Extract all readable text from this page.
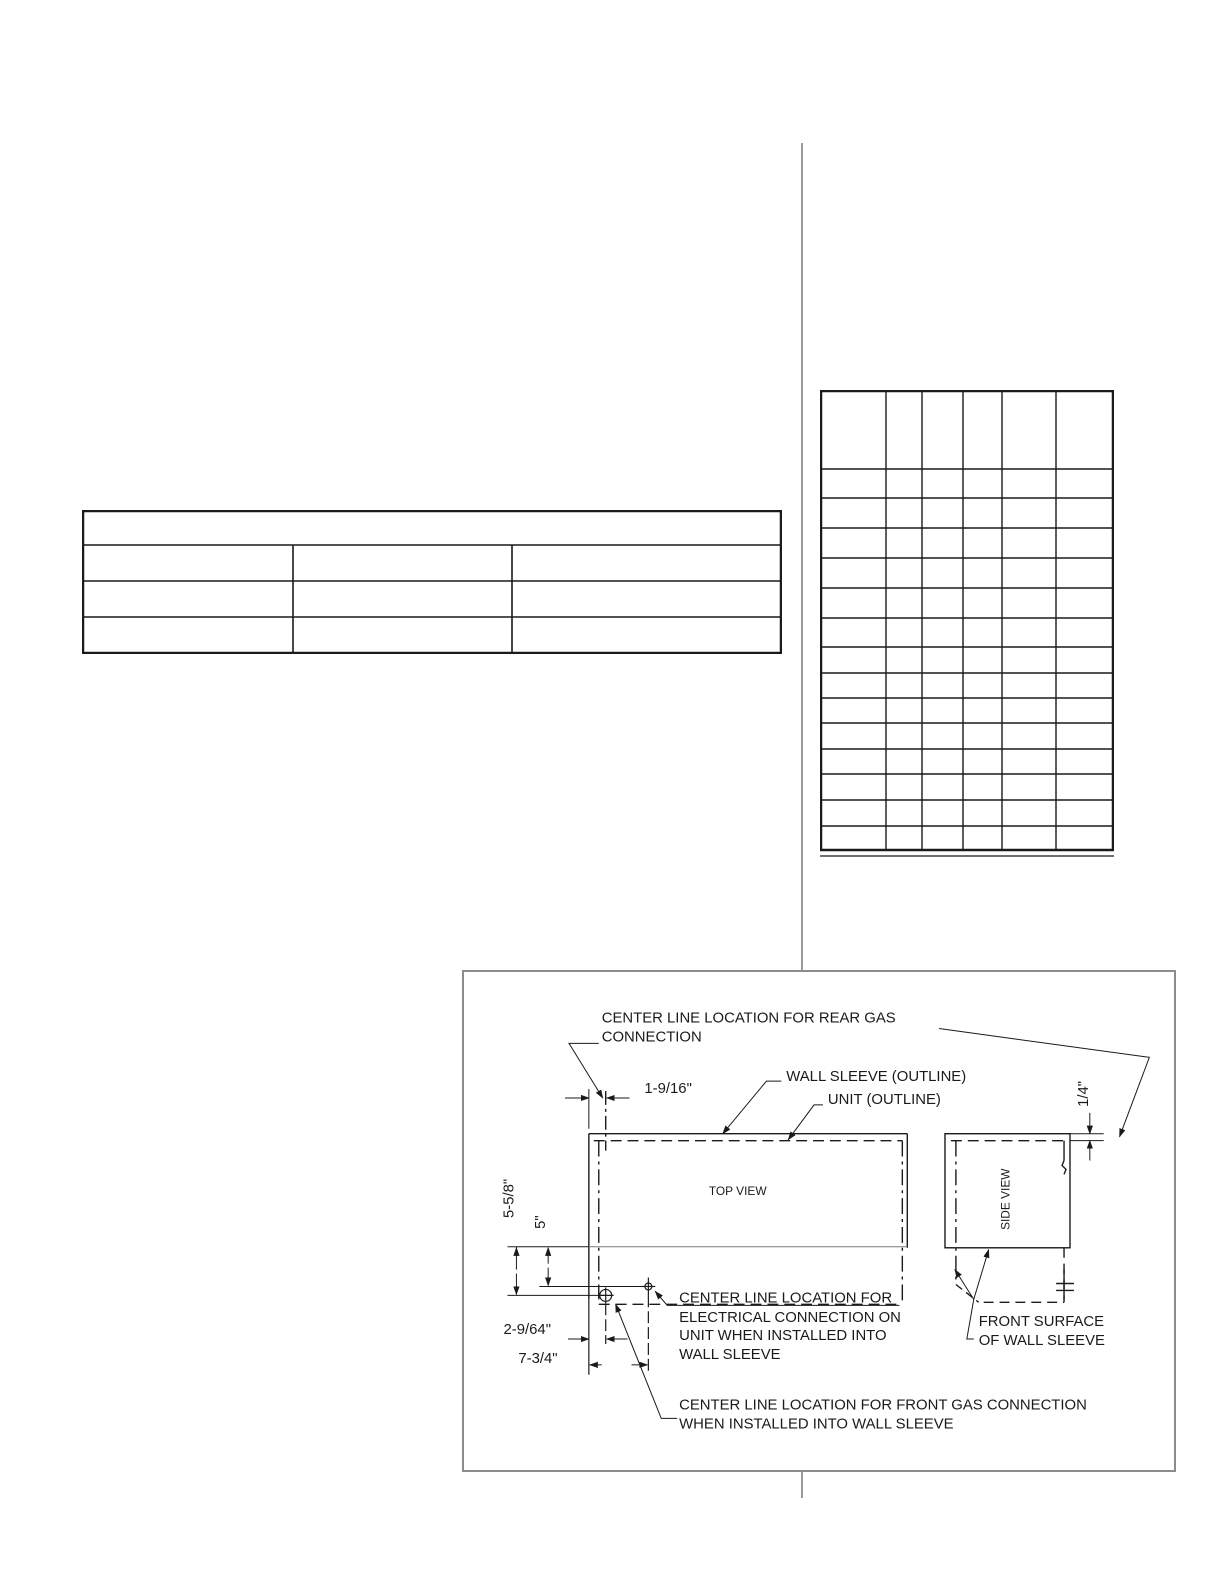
TOP VIEW	SIDE VIEW
CENTER LINE LOCATION FOR REAR GAS
CONNECTION
1-9/16"
WALL SLEEVE (OUTLINE)
UNIT (OUTLINE)	1/4"
5-5/8"
5"
2-9/64"
7-3/4"
CENTER LINE LOCATION FOR
ELECTRICAL CONNECTION ON
UNIT WHEN INSTALLED INTO
WALL SLEEVE
FRONT SURFACE
OF WALL SLEEVE
CENTER LINE LOCATION FOR FRONT GAS CONNECTION
WHEN INSTALLED INTO WALL SLEEVE
